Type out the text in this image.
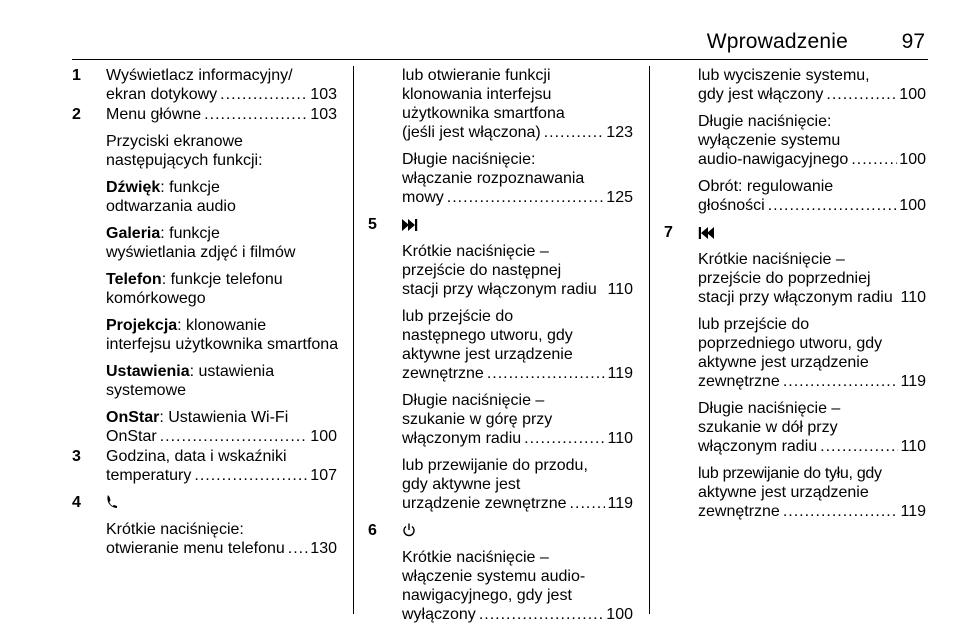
Wprowadzenie	97
1 Wyświetlacz informacyjny/
ekran dotykowy .....	103
2 Menu główne .....	103
Przyciski ekranowe
następujących funkcji:
Dźwięk: funkcje
odtwarzania audio
Galeria: funkcje
wyświetlania zdjęć i filmów
Telefon: funkcje telefonu
komórkowego
Projekcja: klonowanie
interfejsu użytkownika smartfona
Ustawienia: ustawienia
systemowe
OnStar: Ustawienia Wi-Fi
OnStar .....	100
3 Godzina, data i wskaźniki
temperatury .....	107
4
Krótkie naciśnięcie:
otwieranie menu telefonu ..... 130
lub otwieranie funkcji
klonowania interfejsu
użytkownika smartfona
(jeśli jest włączona) .....	123
Długie naciśnięcie:
włączanie rozpoznawania
mowy .....	125
5
Krótkie naciśnięcie –
przejście do następnej
stacji przy włączonym radiu 110
lub przejście do
następnego utworu, gdy
aktywne jest urządzenie
zewnętrzne .....	119
Długie naciśnięcie –
szukanie w górę przy
włączonym radiu .....	110
lub przewijanie do przodu,
gdy aktywne jest
urządzenie zewnętrzne .....	119
6
Krótkie naciśnięcie –
włączenie systemu audio-
nawigacyjnego, gdy jest
wyłączony .....	100
lub wyciszenie systemu,
gdy jest włączony .....	100
Długie naciśnięcie:
wyłączenie systemu
audio-nawigacyjnego .....	100
Obrót: regulowanie
głośności .....	100
7
Krótkie naciśnięcie –
przejście do poprzedniej
stacji przy włączonym radiu 110
lub przejście do
poprzedniego utworu, gdy
aktywne jest urządzenie
zewnętrzne .....	119
Długie naciśnięcie –
szukanie w dół przy
włączonym radiu .....	110
lub przewijanie do tyłu, gdy
aktywne jest urządzenie
zewnętrzne .....	119
